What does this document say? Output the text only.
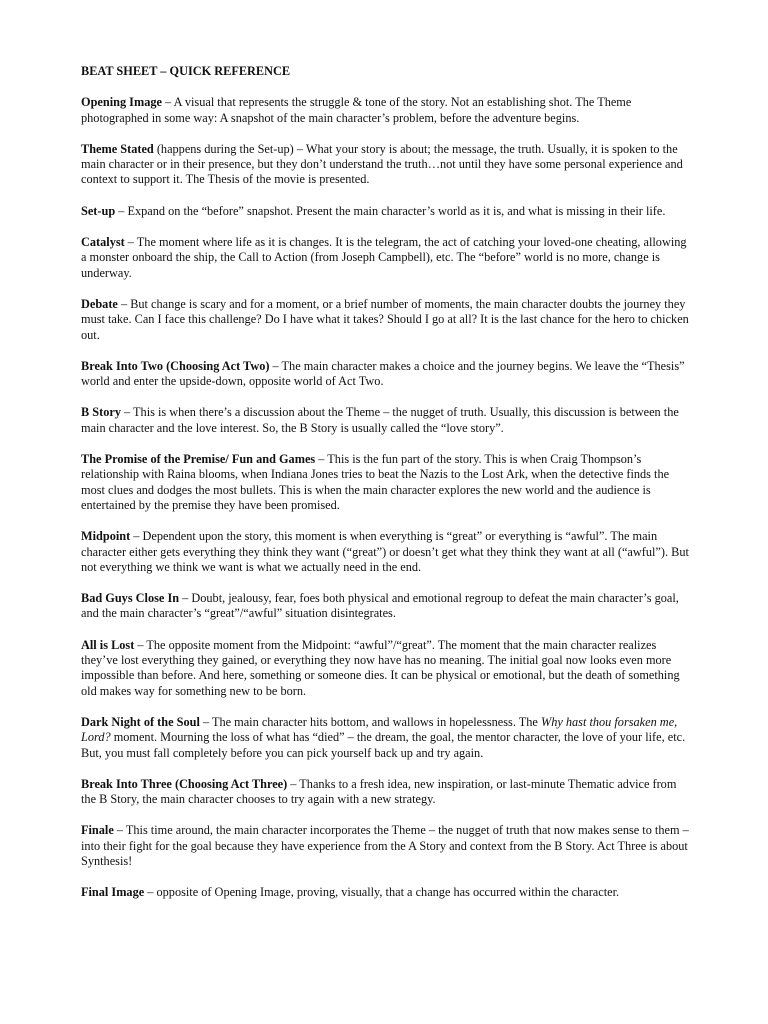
BEAT SHEET – QUICK REFERENCE

Opening Image – A visual that represents the struggle & tone of the story. Not an establishing shot. The Theme photographed in some way: A snapshot of the main character’s problem, before the adventure begins.

Theme Stated (happens during the Set-up) – What your story is about; the message, the truth. Usually, it is spoken to the main character or in their presence, but they don’t understand the truth…not until they have some personal experience and context to support it. The Thesis of the movie is presented.

Set-up – Expand on the “before” snapshot. Present the main character’s world as it is, and what is missing in their life.

Catalyst – The moment where life as it is changes. It is the telegram, the act of catching your loved-one cheating, allowing a monster onboard the ship, the Call to Action (from Joseph Campbell), etc. The “before” world is no more, change is underway.

Debate – But change is scary and for a moment, or a brief number of moments, the main character doubts the journey they must take. Can I face this challenge? Do I have what it takes? Should I go at all? It is the last chance for the hero to chicken out.

Break Into Two (Choosing Act Two) – The main character makes a choice and the journey begins. We leave the “Thesis” world and enter the upside-down, opposite world of Act Two.

B Story – This is when there’s a discussion about the Theme – the nugget of truth. Usually, this discussion is between the main character and the love interest. So, the B Story is usually called the “love story”.

The Promise of the Premise/ Fun and Games – This is the fun part of the story. This is when Craig Thompson’s relationship with Raina blooms, when Indiana Jones tries to beat the Nazis to the Lost Ark, when the detective finds the most clues and dodges the most bullets. This is when the main character explores the new world and the audience is entertained by the premise they have been promised.

Midpoint – Dependent upon the story, this moment is when everything is “great” or everything is “awful”. The main character either gets everything they think they want (“great”) or doesn’t get what they think they want at all (“awful”). But not everything we think we want is what we actually need in the end.

Bad Guys Close In – Doubt, jealousy, fear, foes both physical and emotional regroup to defeat the main character’s goal, and the main character’s “great”/“awful” situation disintegrates.

All is Lost – The opposite moment from the Midpoint: “awful”/“great”. The moment that the main character realizes they’ve lost everything they gained, or everything they now have has no meaning. The initial goal now looks even more impossible than before. And here, something or someone dies. It can be physical or emotional, but the death of something old makes way for something new to be born.

Dark Night of the Soul – The main character hits bottom, and wallows in hopelessness. The Why hast thou forsaken me, Lord? moment. Mourning the loss of what has “died” – the dream, the goal, the mentor character, the love of your life, etc. But, you must fall completely before you can pick yourself back up and try again.

Break Into Three (Choosing Act Three) – Thanks to a fresh idea, new inspiration, or last-minute Thematic advice from the B Story, the main character chooses to try again with a new strategy.

Finale – This time around, the main character incorporates the Theme – the nugget of truth that now makes sense to them – into their fight for the goal because they have experience from the A Story and context from the B Story. Act Three is about Synthesis!

Final Image – opposite of Opening Image, proving, visually, that a change has occurred within the character.
